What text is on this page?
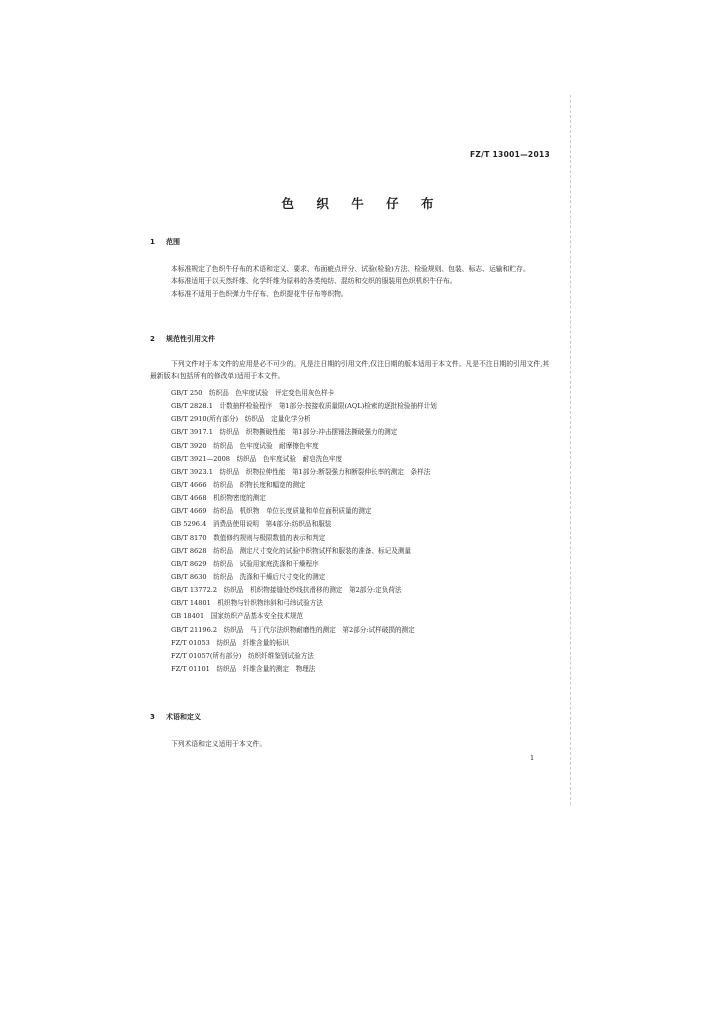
FZ/T 13001—2013
色 织 牛 仔 布
1 范围

本标准规定了色织牛仔布的术语和定义、要求、布面疵点评分、试验(检验)方法、检验规则、包装、标志、运输和贮存。

本标准适用于以天然纤维、化学纤维为原料的各类纯纺、混纺和交织的服装用色织机织牛仔布。

本标准不适用于色织弹力牛仔布、色织提花牛仔布等织物。

2 规范性引用文件

下列文件对于本文件的应用是必不可少的。凡是注日期的引用文件,仅注日期的版本适用于本文件。凡是不注日期的引用文件,其最新版本(包括所有的修改单)适用于本文件。

GB/T 250　纺织品　色牢度试验　评定变色用灰色样卡
GB/T 2828.1　计数抽样检验程序　第1部分:按接收质量限(AQL)检索的逐批检验抽样计划
GB/T 2910(所有部分)　纺织品　定量化学分析
GB/T 3917.1　纺织品　织物撕破性能　第1部分:冲击摆锤法撕破强力的测定
GB/T 3920　纺织品　色牢度试验　耐摩擦色牢度
GB/T 3921—2008　纺织品　色牢度试验　耐皂洗色牢度
GB/T 3923.1　纺织品　织物拉伸性能　第1部分:断裂强力和断裂伸长率的测定　条样法
GB/T 4666　纺织品　织物长度和幅宽的测定
GB/T 4668　机织物密度的测定
GB/T 4669　纺织品　机织物　单位长度质量和单位面积质量的测定
GB 5296.4　消费品使用说明　第4部分:纺织品和服装
GB/T 8170　数值修约规则与极限数值的表示和判定
GB/T 8628　纺织品　测定尺寸变化的试验中织物试样和服装的准备、标记及测量
GB/T 8629　纺织品　试验用家庭洗涤和干燥程序
GB/T 8630　纺织品　洗涤和干燥后尺寸变化的测定
GB/T 13772.2　纺织品　机织物接缝处纱线抗滑移的测定　第2部分:定负荷法
GB/T 14801　机织物与针织物纬斜和弓纬试验方法
GB 18401　国家纺织产品基本安全技术规范
GB/T 21196.2　纺织品　马丁代尔法织物耐磨性的测定　第2部分:试样破损的测定
FZ/T 01053　纺织品　纤维含量的标识
FZ/T 01057(所有部分)　纺织纤维鉴别试验方法
FZ/T 01101　纺织品　纤维含量的测定　物理法
3 术语和定义

下列术语和定义适用于本文件。

1
